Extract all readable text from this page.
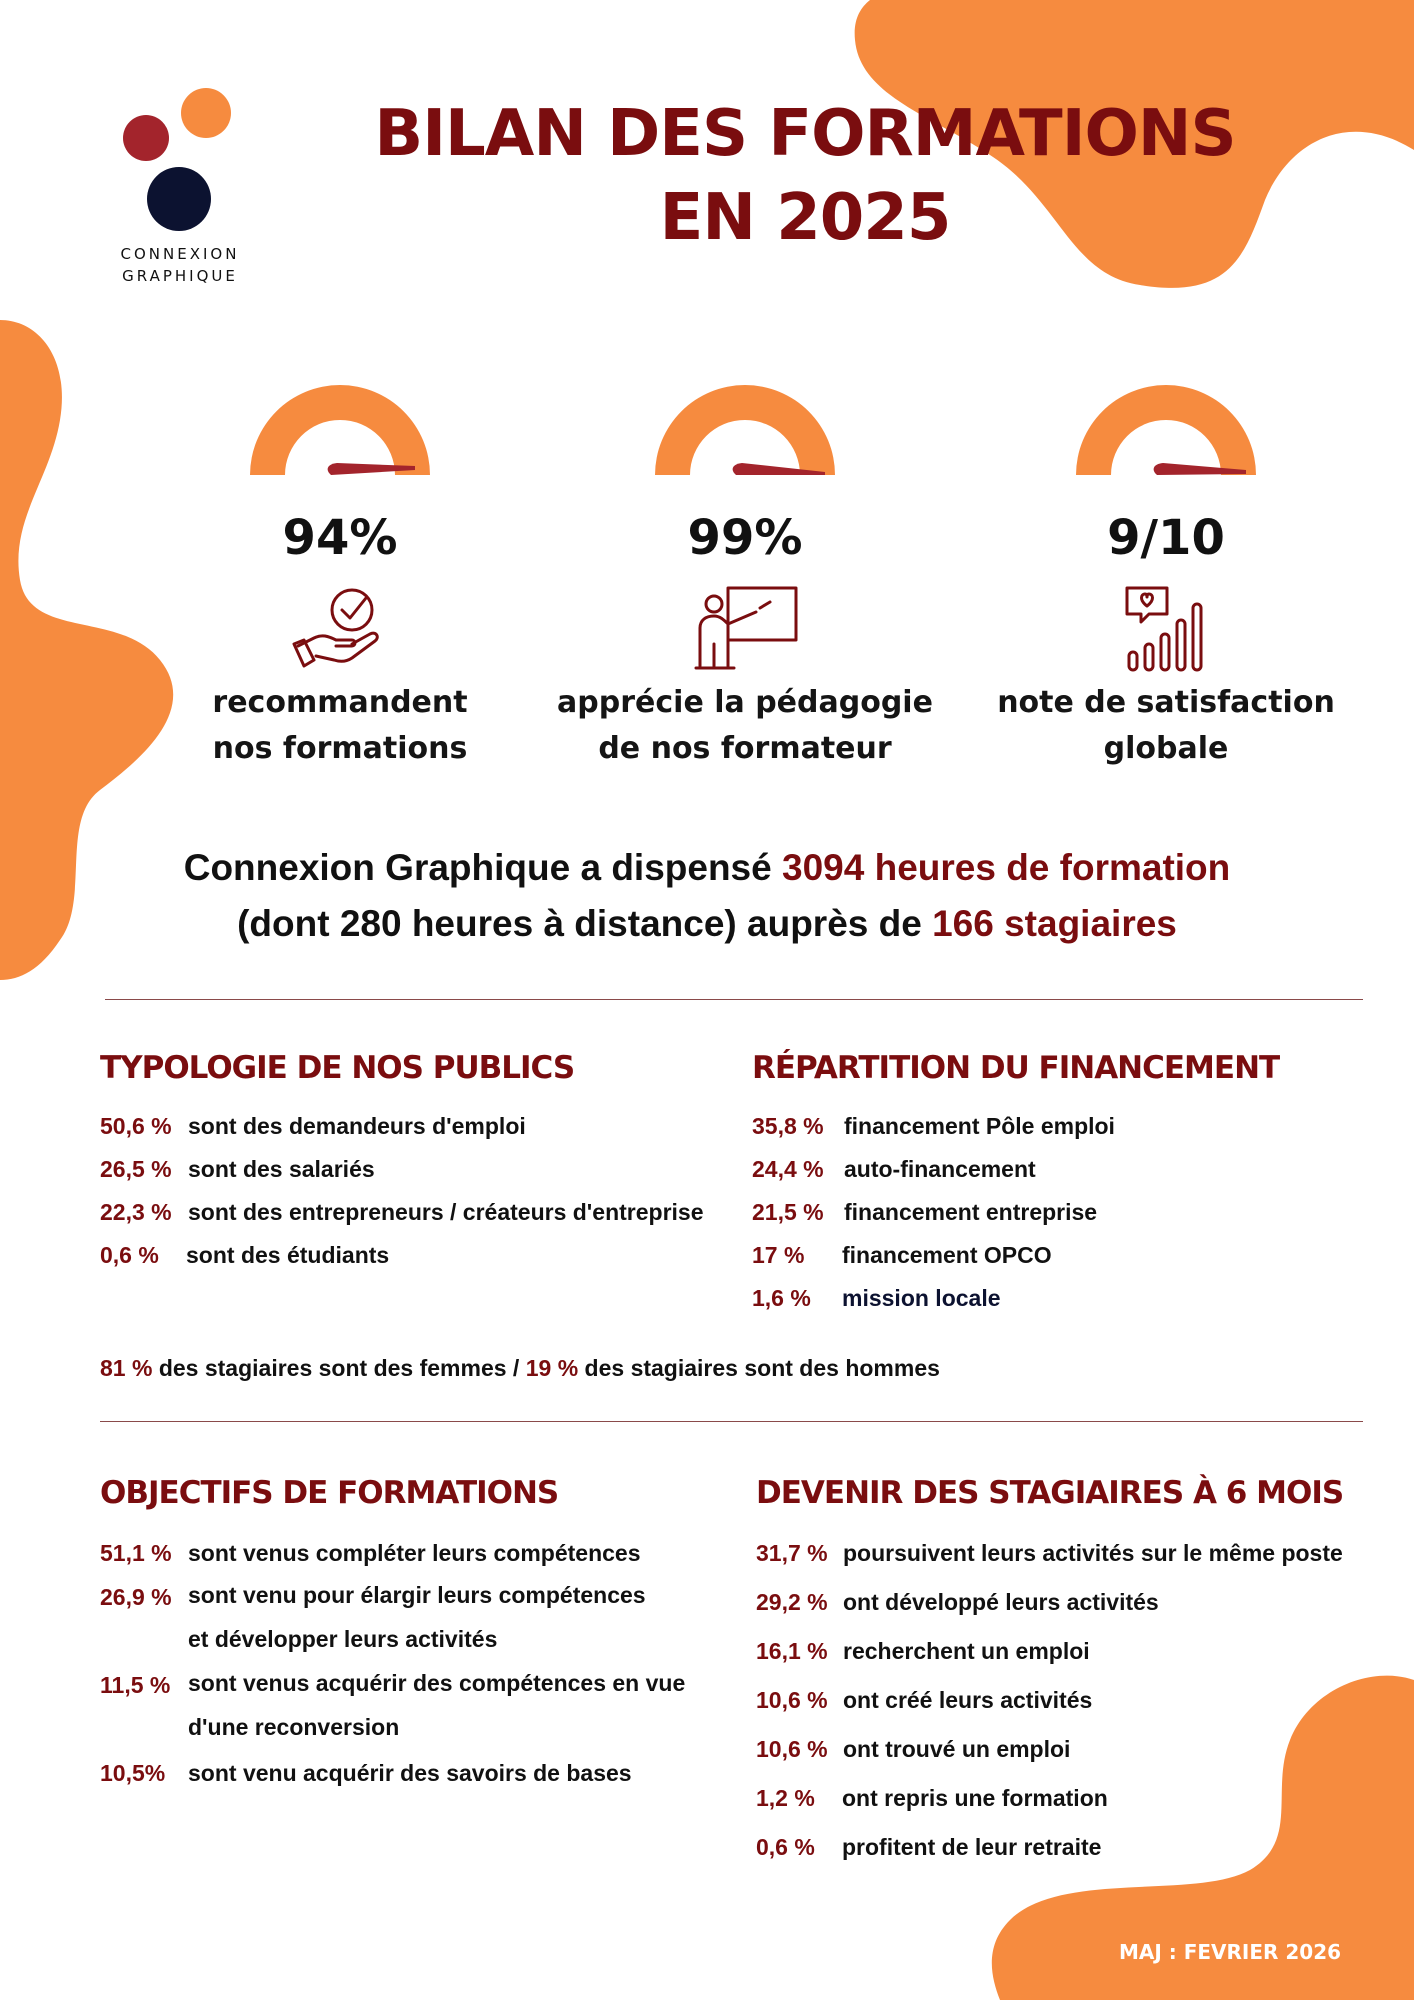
CONNEXION
GRAPHIQUE
BILAN DES FORMATIONS
EN 2025
94%
recommandent
nos formations
99%
apprécie la pédagogie
de nos formateur
9/10
note de satisfaction
globale
Connexion Graphique a dispensé 3094 heures de formation
(dont 280 heures à distance) auprès de 166 stagiaires
TYPOLOGIE DE NOS PUBLICS
50,6 % sont des demandeurs d'emploi
26,5 % sont des salariés
22,3 % sont des entrepreneurs / créateurs d'entreprise
0,6 %	sont des étudiants
RÉPARTITION DU FINANCEMENT
35,8 % financement Pôle emploi
24,4 % auto-financement
21,5 % financement entreprise
17 %	financement OPCO
1,6 %	mission locale
81 % des stagiaires sont des femmes / 19 % des stagiaires sont des hommes
OBJECTIFS DE FORMATIONS
51,1 % sont venus compléter leurs compétences
26,9 % sont venu pour élargir leurs compétences
et développer leurs activités
11,5 % sont venus acquérir des compétences en vue
d'une reconversion
10,5% sont venu acquérir des savoirs de bases
DEVENIR DES STAGIAIRES À 6 MOIS
31,7 % poursuivent leurs activités sur le même poste
29,2 % ont développé leurs activités
16,1 % recherchent un emploi
10,6 % ont créé leurs activités
10,6 % ont trouvé un emploi
1,2 %	ont repris une formation
0,6 %	profitent de leur retraite
MAJ : FEVRIER 2026
